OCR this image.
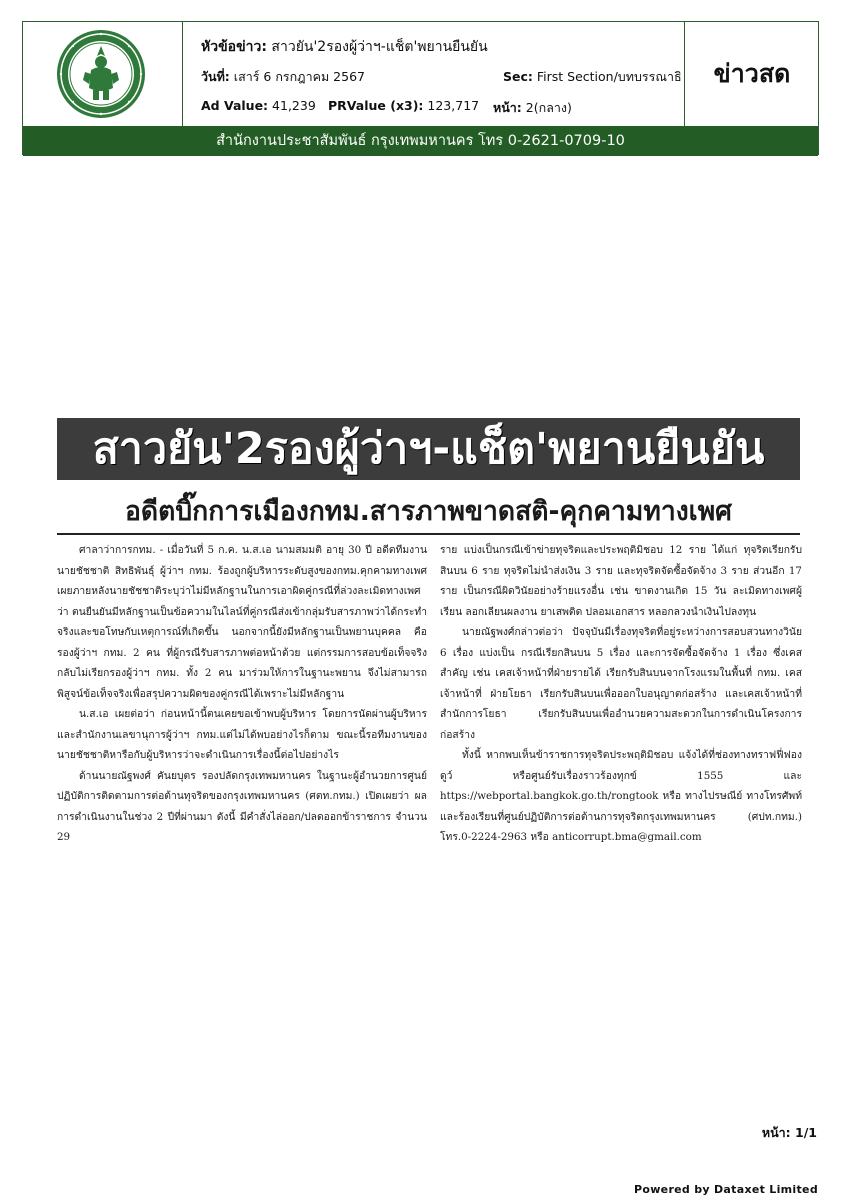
หัวข้อข่าว: สาวยัน'2รองผู้ว่าฯ-แช็ต'พยานยืนยัน
วันที่: เสาร์ 6 กรกฎาคม 2567	Sec: First Section/บทบรรณาธิ
Ad Value: 41,239 PRValue (x3): 123,717 หน้า: 2(กลาง)
ข่าวสด
สำนักงานประชาสัมพันธ์ กรุงเทพมหานคร โทร 0-2621-0709-10
สาวยัน'2รองผู้ว่าฯ-แช็ต'พยานยืนยัน
อดีตบิ๊กการเมืองกทม.สารภาพขาดสติ-คุกคามทางเพศ

ศาลาว่าการกทม. - เมื่อวันที่ 5 ก.ค. น.ส.เอ นามสมมติ อายุ 30 ปี อดีตทีมงานนายชัชชาติ สิทธิพันธุ์ ผู้ว่าฯ กทม. ร้องถูกผู้บริหารระดับสูงของกทม.คุกคามทางเพศ เผยภายหลังนายชัชชาติระบุว่าไม่มีหลักฐานในการเอาผิดคู่กรณีที่ล่วงละเมิดทางเพศว่า ตนยืนยันมีหลักฐานเป็นข้อความในไลน์ที่คู่กรณีส่งเข้ากลุ่มรับสารภาพว่าได้กระทำจริงและขอโทษกับเหตุการณ์ที่เกิดขึ้น นอกจากนี้ยังมีหลักฐานเป็นพยานบุคคล คือ รองผู้ว่าฯ กทม. 2 คน ที่ผู้กรณีรับสารภาพต่อหน้าด้วย แต่กรรมการสอบข้อเท็จจริงกลับไม่เรียกรองผู้ว่าฯ กทม. ทั้ง 2 คน มาร่วมให้การในฐานะพยาน จึงไม่สามารถพิสูจน์ข้อเท็จจริงเพื่อสรุปความผิดของคู่กรณีได้เพราะไม่มีหลักฐาน

น.ส.เอ เผยต่อว่า ก่อนหน้านี้ตนเคยขอเข้าพบผู้บริหาร โดยการนัดผ่านผู้บริหาร และสำนักงานเลขานุการผู้ว่าฯ กทม.แต่ไม่ได้พบอย่างไรก็ตาม ขณะนี้รอทีมงานของนายชัชชาติหารือกับผู้บริหารว่าจะดำเนินการเรื่องนี้ต่อไปอย่างไร

ด้านนายณัฐพงศ์ คันยบุตร รองปลัดกรุงเทพมหานคร ในฐานะผู้อำนวยการศูนย์ปฏิบัติการติดตามการต่อต้านทุจริตของกรุงเทพมหานคร (ศตท.กทม.) เปิดเผยว่า ผลการดำเนินงานในช่วง 2 ปีที่ผ่านมา ดังนี้ มีคำสั่งไล่ออก/ปลดออกข้าราชการ จำนวน 29

ราย แบ่งเป็นกรณีเข้าข่ายทุจริตและประพฤติมิชอบ 12 ราย ได้แก่ ทุจริตเรียกรับสินบน 6 ราย ทุจริตไม่นำส่งเงิน 3 ราย และทุจริตจัดซื้อจัดจ้าง 3 ราย ส่วนอีก 17 ราย เป็นกรณีผิดวินัยอย่างร้ายแรงอื่น เช่น ขาดงานเกิด 15 วัน ละเมิดทางเพศผู้เรียน ลอกเลียนผลงาน ยาเสพติด ปลอมเอกสาร หลอกลวงนำเงินไปลงทุน

นายณัฐพงศ์กล่าวต่อว่า ปัจจุบันมีเรื่องทุจริตที่อยู่ระหว่างการสอบสวนทางวินัย 6 เรื่อง แบ่งเป็น กรณีเรียกสินบน 5 เรื่อง และการจัดซื้อจัดจ้าง 1 เรื่อง ซึ่งเคสสำคัญ เช่น เคสเจ้าหน้าที่ฝ่ายรายได้ เรียกรับสินบนจากโรงแรมในพื้นที่ กทม. เคสเจ้าหน้าที่ ฝ่ายโยธา เรียกรับสินบนเพื่อออกใบอนุญาตก่อสร้าง และเคสเจ้าหน้าที่สำนักการโยธา เรียกรับสินบนเพื่ออำนวยความสะดวกในการดำเนินโครงการก่อสร้าง

ทั้งนี้ หากพบเห็นข้าราชการทุจริตประพฤติมิชอบ แจ้งได้ที่ช่องทางทราฟฟี่ฟองดูว์ หรือศูนย์รับเรื่องราวร้องทุกข์ 1555 และ https://webportal.bangkok.go.th/rongtook หรือ ทางไปรษณีย์ ทางโทรศัพท์ และร้องเรียนที่ศูนย์ปฏิบัติการต่อต้านการทุจริตกรุงเทพมหานคร (ศปท.กทม.) โทร.0-2224-2963 หรือ anticorrupt.bma@gmail.com

หน้า: 1/1
Powered by Dataxet Limited
